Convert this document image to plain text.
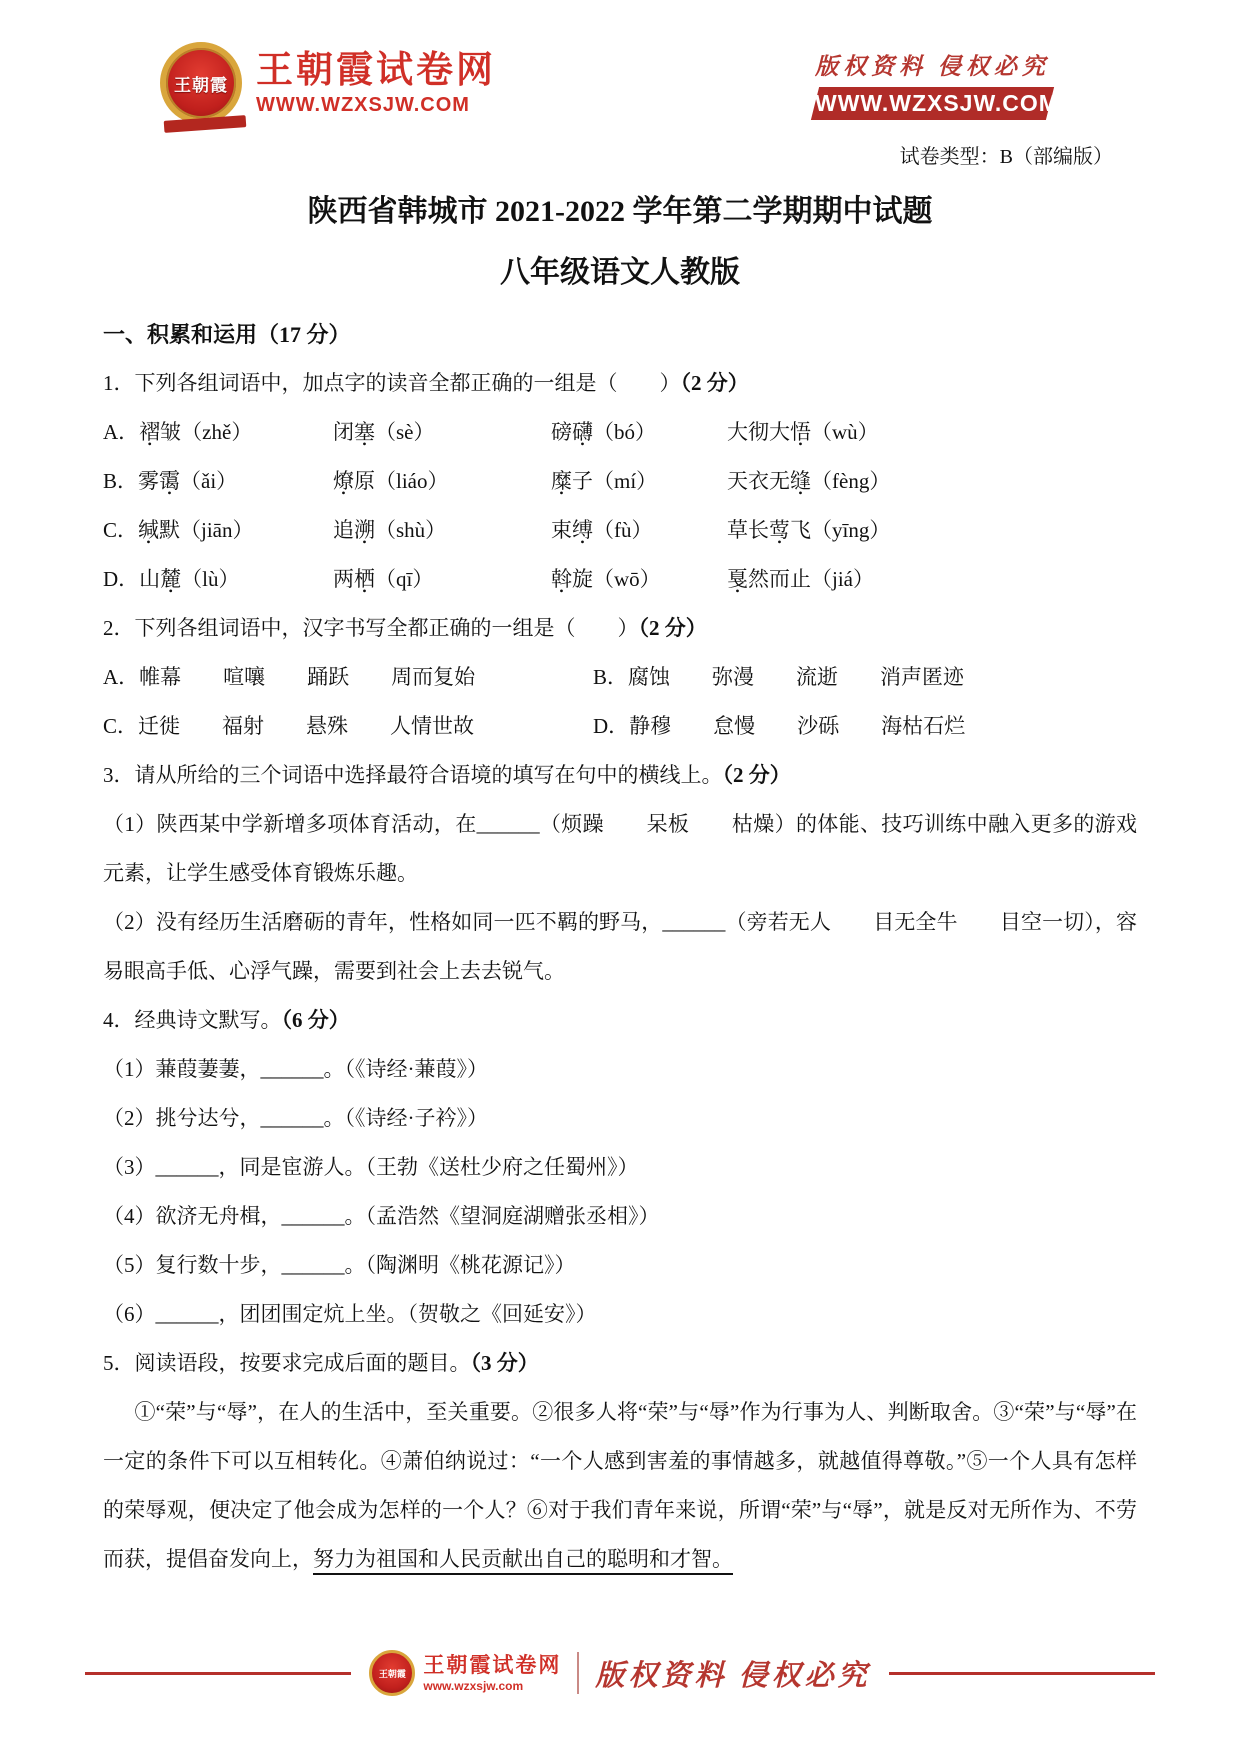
王朝霞 王朝霞试卷网
WWW.WZXSJW.COM
版权资料 侵权必究
WWW.WZXSJW.COM
试卷类型：B（部编版）
陕西省韩城市 2021-2022 学年第二学期期中试题
八年级语文人教版

一、积累和运用（17 分）

1．下列各组词语中，加点字的读音全都正确的一组是（　　）（2 分）

A．褶皱（zhě）	闭塞（sè）	磅礴（bó）	大彻大悟（wù）
B．雾霭（ǎi）	燎原（liáo）	糜子（mí）	天衣无缝（fèng）
C．缄默（jiān）	追溯（shù）	束缚（fù）	草长莺飞（yīng）
D．山麓（lù）	两栖（qī）	斡旋（wō）	戛然而止（jiá）

2．下列各组词语中，汉字书写全都正确的一组是（　　）（2 分）

A．帷幕　　喧嚷　　踊跃　　周而复始	B．腐蚀　　弥漫　　流逝　　消声匿迹
C．迁徙　　福射　　悬殊　　人情世故	D．静穆　　怠慢　　沙砾　　海枯石烂

3．请从所给的三个词语中选择最符合语境的填写在句中的横线上。（2 分）

（1）陕西某中学新增多项体育活动，在______（烦躁　　呆板　　枯燥）的体能、技巧训练中融入更多的游戏元素，让学生感受体育锻炼乐趣。

（2）没有经历生活磨砺的青年，性格如同一匹不羁的野马，______（旁若无人　　目无全牛　　目空一切），容易眼高手低、心浮气躁，需要到社会上去去锐气。

4．经典诗文默写。（6 分）

（1）蒹葭萋萋，______。（《诗经·蒹葭》）

（2）挑兮达兮，______。（《诗经·子衿》）

（3）______，同是宦游人。（王勃《送杜少府之任蜀州》）

（4）欲济无舟楫，______。（孟浩然《望洞庭湖赠张丞相》）

（5）复行数十步，______。（陶渊明《桃花源记》）

（6）______，团团围定炕上坐。（贺敬之《回延安》）

5．阅读语段，按要求完成后面的题目。（3 分）

①“荣”与“辱”，在人的生活中，至关重要。②很多人将“荣”与“辱”作为行事为人、判断取舍。③“荣”与“辱”在一定的条件下可以互相转化。④萧伯纳说过：“一个人感到害羞的事情越多，就越值得尊敬。”⑤一个人具有怎样的荣辱观，便决定了他会成为怎样的一个人？⑥对于我们青年来说，所谓“荣”与“辱”，就是反对无所作为、不劳而获，提倡奋发向上，努力为祖国和人民贡献出自己的聪明和才智。

王朝霞 王朝霞试卷网
www.wzxsjw.com	版权资料 侵权必究
